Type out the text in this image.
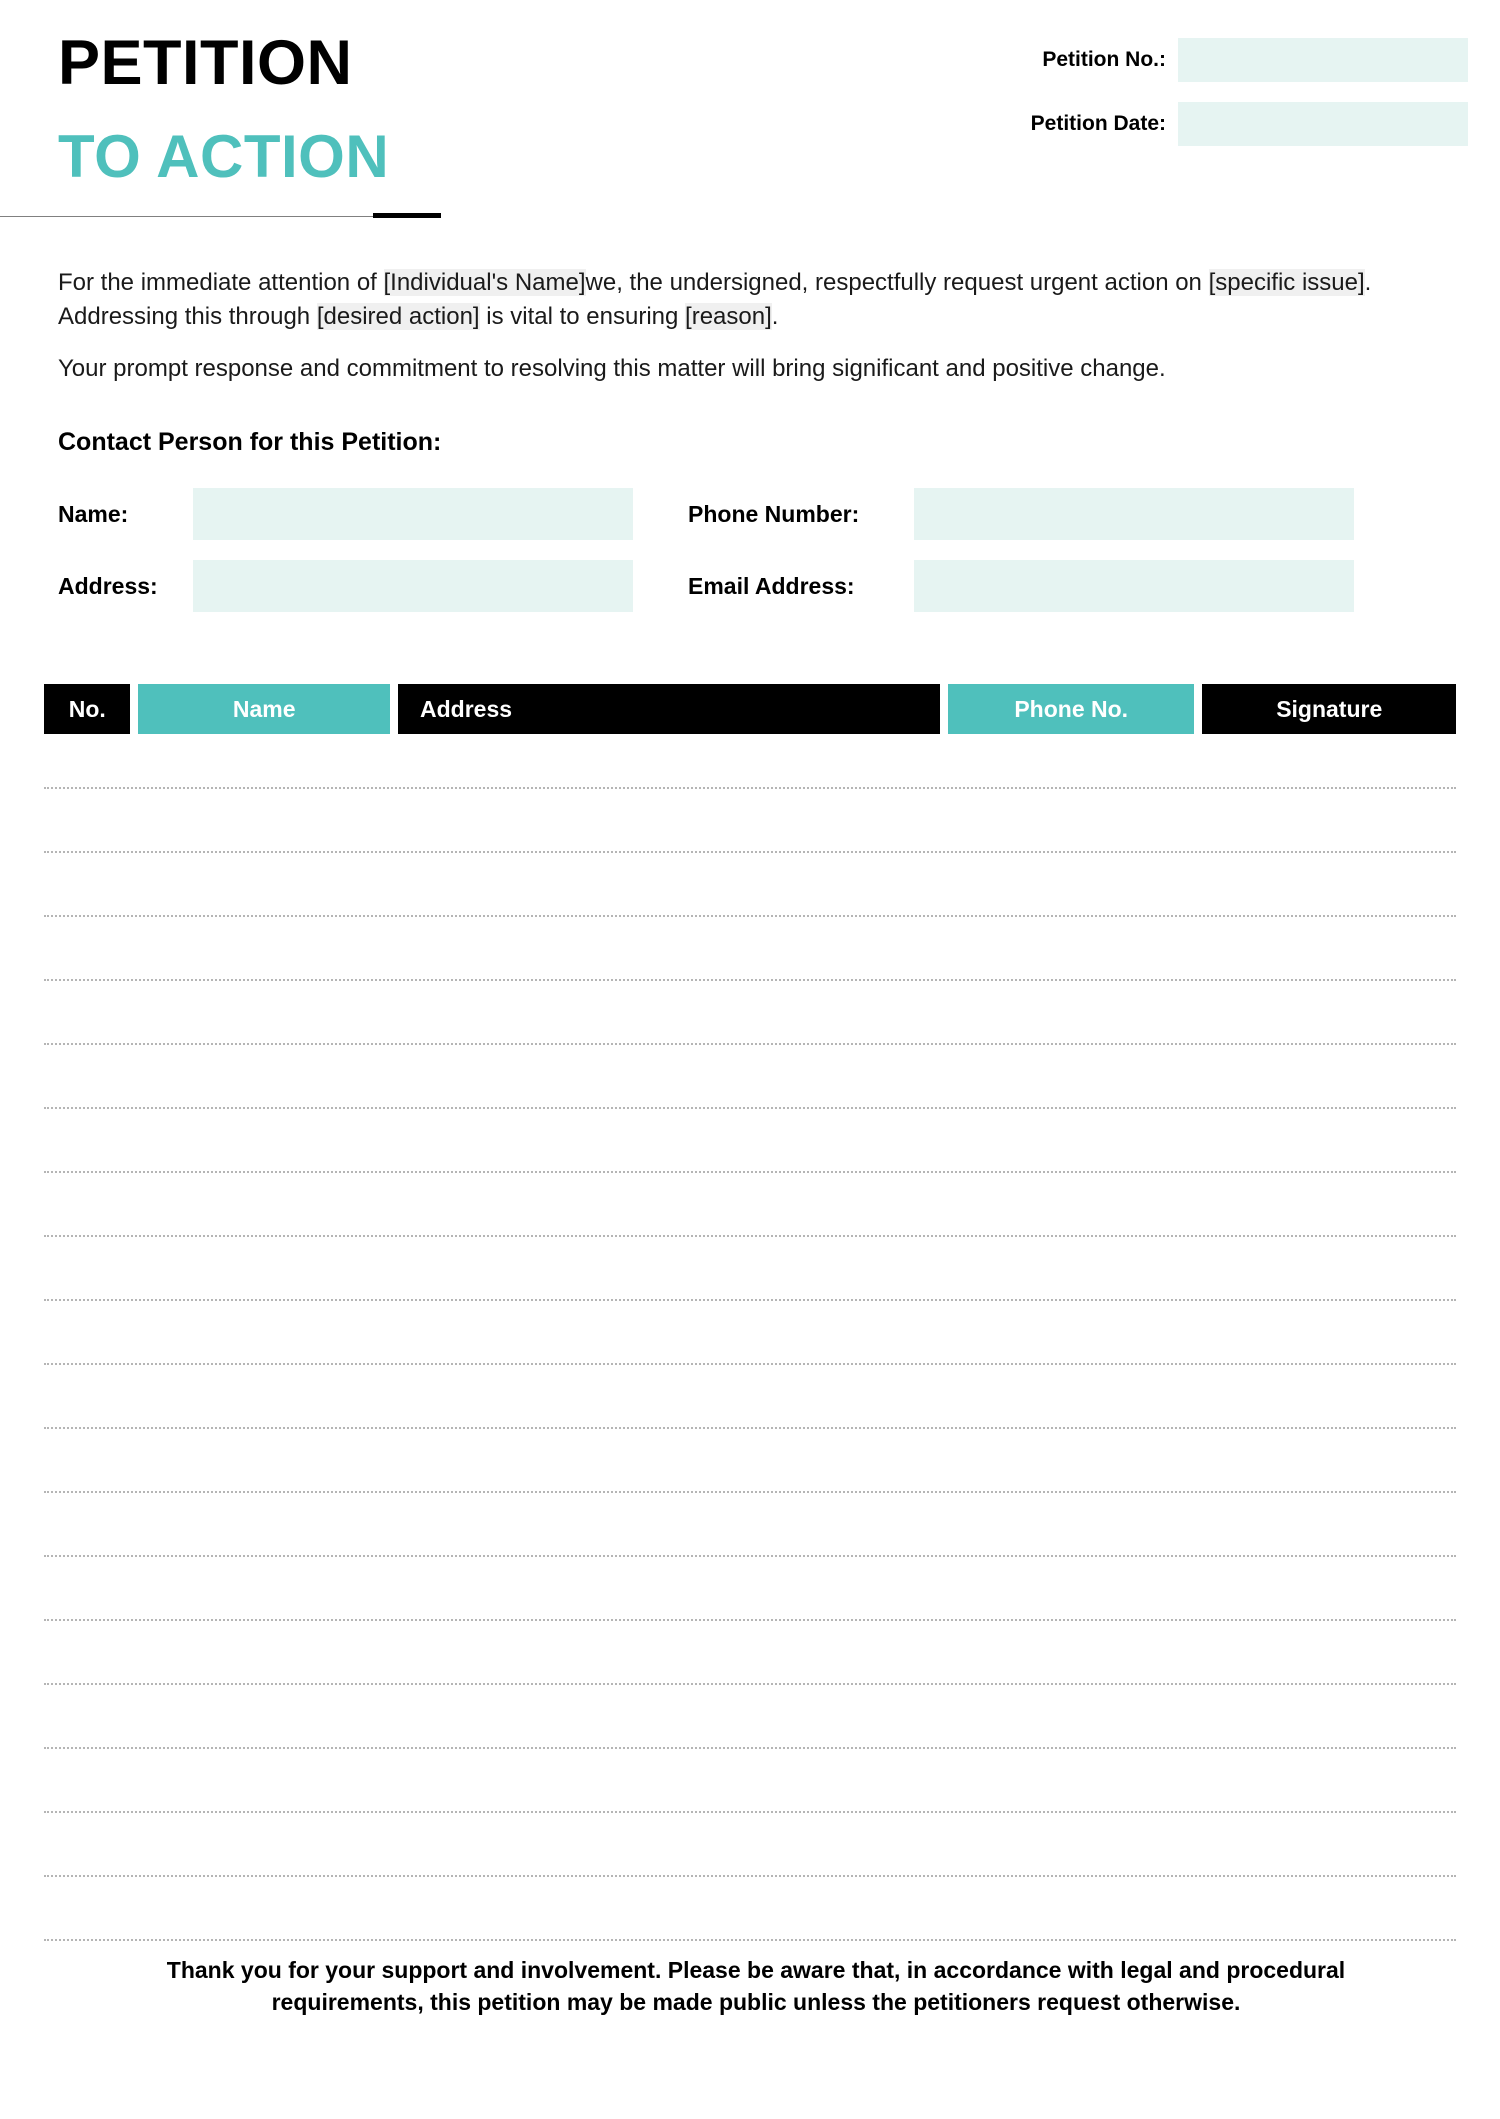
PETITION
TO ACTION
Petition No.:
Petition Date:

For the immediate attention of [Individual's Name]we, the undersigned, respectfully request urgent action on [specific issue]. Addressing this through [desired action] is vital to ensuring [reason].

Your prompt response and commitment to resolving this matter will bring significant and positive change.

Contact Person for this Petition:
Name:	Phone Number:
Address:	Email Address:
No.	Name	Address	Phone No.	Signature
Thank you for your support and involvement. Please be aware that, in accordance with legal and procedural
requirements, this petition may be made public unless the petitioners request otherwise.
